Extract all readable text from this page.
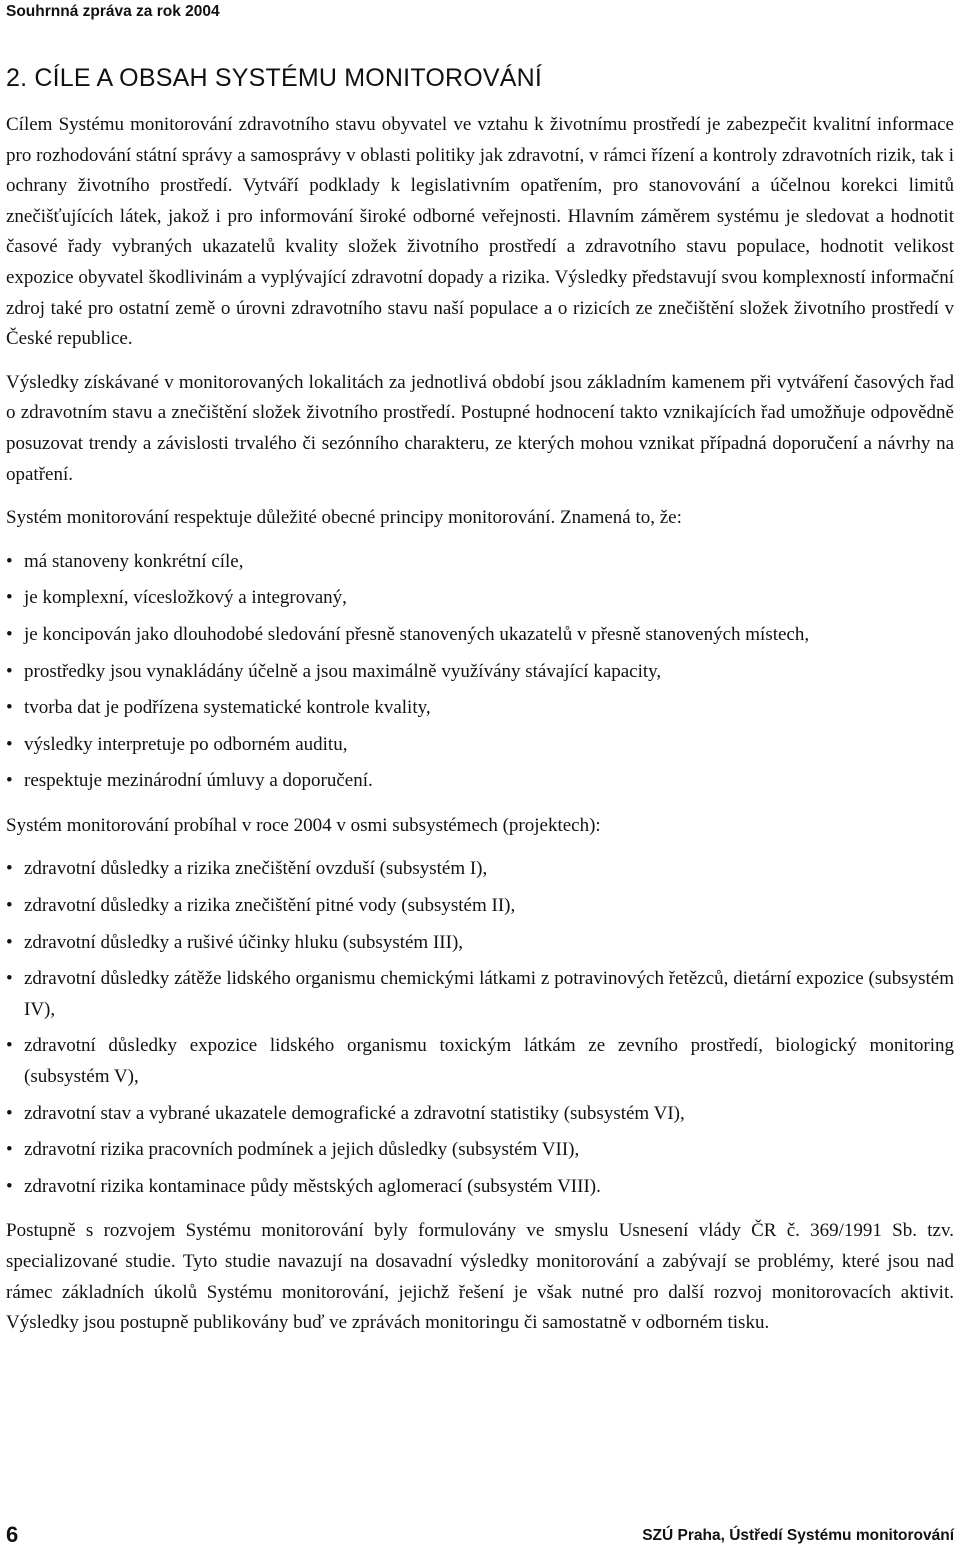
Souhrnná zpráva za rok 2004
2. CÍLE A OBSAH SYSTÉMU MONITOROVÁNÍ

Cílem Systému monitorování zdravotního stavu obyvatel ve vztahu k životnímu prostředí je zabezpečit kvalitní informace pro rozhodování státní správy a samosprávy v oblasti politiky jak zdravotní, v rámci řízení a kontroly zdravotních rizik, tak i ochrany životního prostředí. Vytváří podklady k legislativním opatřením, pro stanovování a účelnou korekci limitů znečišťujících látek, jakož i pro informování široké odborné veřejnosti. Hlavním záměrem systému je sledovat a hodnotit časové řady vybraných ukazatelů kvality složek životního prostředí a zdravotního stavu populace, hodnotit velikost expozice obyvatel škodlivinám a vyplývající zdravotní dopady a rizika. Výsledky představují svou komplexností informační zdroj také pro ostatní země o úrovni zdravotního stavu naší populace a o rizicích ze znečištění složek životního prostředí v České republice.

Výsledky získávané v monitorovaných lokalitách za jednotlivá období jsou základním kamenem při vytváření časových řad o zdravotním stavu a znečištění složek životního prostředí. Postupné hodnocení takto vznikajících řad umožňuje odpovědně posuzovat trendy a závislosti trvalého či sezónního charakteru, ze kterých mohou vznikat případná doporučení a návrhy na opatření.

Systém monitorování respektuje důležité obecné principy monitorování. Znamená to, že:

• má stanoveny konkrétní cíle,
• je komplexní, vícesložkový a integrovaný,
• je koncipován jako dlouhodobé sledování přesně stanovených ukazatelů v přesně stanovených místech,
• prostředky jsou vynakládány účelně a jsou maximálně využívány stávající kapacity,
• tvorba dat je podřízena systematické kontrole kvality,
• výsledky interpretuje po odborném auditu,
• respektuje mezinárodní úmluvy a doporučení.

Systém monitorování probíhal v roce 2004 v osmi subsystémech (projektech):

• zdravotní důsledky a rizika znečištění ovzduší (subsystém I),
• zdravotní důsledky a rizika znečištění pitné vody (subsystém II),
• zdravotní důsledky a rušivé účinky hluku (subsystém III),
• zdravotní důsledky zátěže lidského organismu chemickými látkami z potravinových řetězců, dietární expozice (subsystém IV),
• zdravotní důsledky expozice lidského organismu toxickým látkám ze zevního prostředí, biologický monitoring (subsystém V),
• zdravotní stav a vybrané ukazatele demografické a zdravotní statistiky (subsystém VI),
• zdravotní rizika pracovních podmínek a jejich důsledky (subsystém VII),
• zdravotní rizika kontaminace půdy městských aglomerací (subsystém VIII).

Postupně s rozvojem Systému monitorování byly formulovány ve smyslu Usnesení vlády ČR č. 369/1991 Sb. tzv. specializované studie. Tyto studie navazují na dosavadní výsledky monitorování a zabývají se problémy, které jsou nad rámec základních úkolů Systému monitorování, jejichž řešení je však nutné pro další rozvoj monitorovacích aktivit. Výsledky jsou postupně publikovány buď ve zprávách monitoringu či samostatně v odborném tisku.

6	SZÚ Praha, Ústředí Systému monitorování
